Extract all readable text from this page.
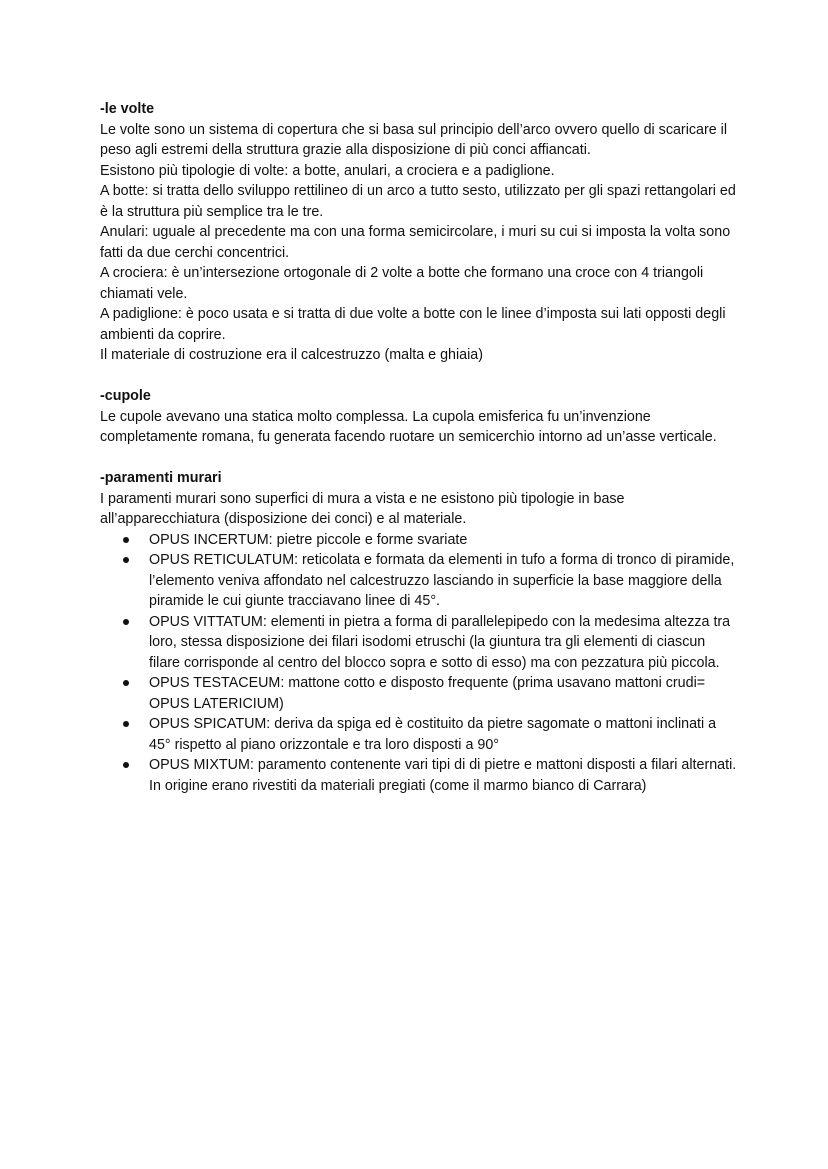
-le volte

Le volte sono un sistema di copertura che si basa sul principio dell’arco ovvero quello di scaricare il peso agli estremi della struttura grazie alla disposizione di più conci affiancati.

Esistono più tipologie di volte: a botte, anulari, a crociera e a padiglione.

A botte: si tratta dello sviluppo rettilineo di un arco a tutto sesto, utilizzato per gli spazi rettangolari ed è la struttura più semplice tra le tre.

Anulari: uguale al precedente ma con una forma semicircolare, i muri su cui si imposta la volta sono fatti da due cerchi concentrici.

A crociera: è un’intersezione ortogonale di 2 volte a botte che formano una croce con 4 triangoli chiamati vele.

A padiglione: è poco usata e si tratta di due volte a botte con le linee d’imposta sui lati opposti degli ambienti da coprire.

Il materiale di costruzione era il calcestruzzo (malta e ghiaia)

-cupole

Le cupole avevano una statica molto complessa. La cupola emisferica fu un’invenzione completamente romana, fu generata facendo ruotare un semicerchio intorno ad un’asse verticale.

-paramenti murari

I paramenti murari sono superfici di mura a vista e ne esistono più tipologie in base all’apparecchiatura (disposizione dei conci) e al materiale.

OPUS INCERTUM: pietre piccole e forme svariate
OPUS RETICULATUM: reticolata e formata da elementi in tufo a forma di tronco di piramide, l’elemento veniva affondato nel calcestruzzo lasciando in superficie la base maggiore della piramide le cui giunte tracciavano linee di 45°.
OPUS VITTATUM: elementi in pietra a forma di parallelepipedo con la medesima altezza tra loro, stessa disposizione dei filari isodomi etruschi (la giuntura tra gli elementi di ciascun filare corrisponde al centro del blocco sopra e sotto di esso) ma con pezzatura più piccola.
OPUS TESTACEUM: mattone cotto e disposto frequente (prima usavano mattoni crudi= OPUS LATERICIUM)
OPUS SPICATUM: deriva da spiga ed è costituito da pietre sagomate o mattoni inclinati a 45° rispetto al piano orizzontale e tra loro disposti a 90°
OPUS MIXTUM: paramento contenente vari tipi di di pietre e mattoni disposti a filari alternati. In origine erano rivestiti da materiali pregiati (come il marmo bianco di Carrara)
